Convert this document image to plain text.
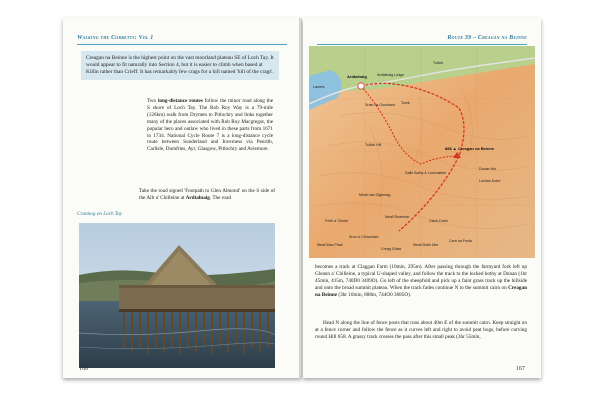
Walking the Corbetts: Vol 1
Creagan na Beinne is the highest point on the vast moorland plateau SE of Loch Tay. It would appear to fit naturally into Section 4, but it is easier to climb when based at Killin rather than Crieff. It has remarkably few crags for a hill named 'hill of the crags'.
Two long-distance routes follow the minor road along the S shore of Loch Tay. The Rob Roy Way is a 79-mile (126km) walk from Drymen to Pitlochry and links together many of the places associated with Rob Roy Macgregor, the popular hero and outlaw who lived in these parts from 1671 to 1734. National Cycle Route 7 is a long-distance cycle route between Sunderland and Inverness via Penrith, Carlisle, Dumfries, Ayr, Glasgow, Pitlochry and Aviemore.
Take the road signed 'Footpath to Glen Almond' on the S side of the Allt a' Chilleine at Ardtalnaig. The road
Crannog on Loch Tay
166
Route 39 – Creagan na Beinne
Ardtalnaig
Lawers
Ardtalnaig Lodge
Tullich
Srain na Gourbach Tomb
888 ▲ Creagan na Beinne
Tullich Hill
Dunan Hut
Lochan Doire
Dalle Bothy & Lochnafeile
Meall nan Oighreag
Meall Reamhar
Feith a' Choire	Clach Dubh
Meall Dubh Mor
Meall Mac Phail
Sron a' Chriochain
Creag Ghlas
Carn na Feola
becomes a track at Claggan Farm (10min, 295m). After passing through the farmyard fork left up Gleann a' Chilleine, a typical U-shaped valley, and follow the track to the locked bothy at Dunan (1hr 45min, 415m, 740D0 3409O). Go left of the sheepfold and pick up a faint grass track up the hillside and onto the broad summit plateau. When the track fades continue N to the summit cairn on Creagan na Beinne (3hr 10min, 888m, 744O0 3685O).
Head N along the line of fence posts that runs about 40m E of the summit cairn. Keep straight on at a fence corner and follow the fence as it curves left and right to avoid peat bogs, before curving round Hill 658. A grassy track crosses the pass after this small peak (3hr 55min,
167
